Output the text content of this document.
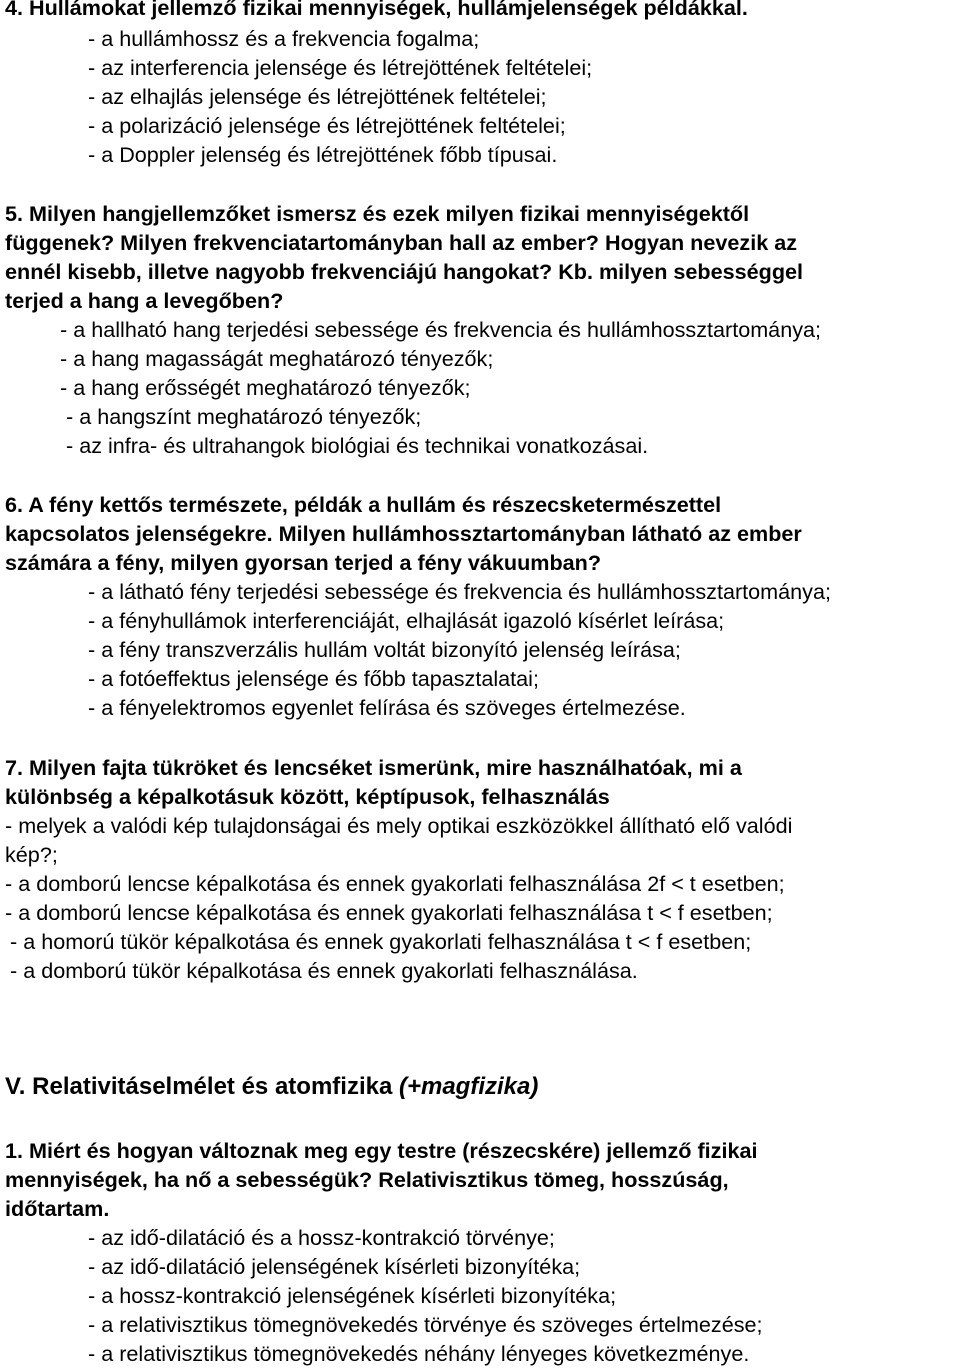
4. Hullámokat jellemző fizikai mennyiségek, hullámjelenségek példákkal.
- a hullámhossz és a frekvencia fogalma;
- az interferencia jelensége és létrejöttének feltételei;
- az elhajlás jelensége és létrejöttének feltételei;
- a polarizáció jelensége és létrejöttének feltételei;
- a Doppler jelenség és létrejöttének főbb típusai.
5. Milyen hangjellemzőket ismersz és ezek milyen fizikai mennyiségektől
függenek? Milyen frekvenciatartományban hall az ember? Hogyan nevezik az
ennél kisebb, illetve nagyobb frekvenciájú hangokat? Kb. milyen sebességgel
terjed a hang a levegőben?
- a hallható hang terjedési sebessége és frekvencia és hullámhossztartománya;
- a hang magasságát meghatározó tényezők;
- a hang erősségét meghatározó tényezők;
- a hangszínt meghatározó tényezők;
- az infra- és ultrahangok biológiai és technikai vonatkozásai.
6. A fény kettős természete, példák a hullám és részecsketermészettel
kapcsolatos jelenségekre. Milyen hullámhossztartományban látható az ember
számára a fény, milyen gyorsan terjed a fény vákuumban?
- a látható fény terjedési sebessége és frekvencia és hullámhossztartománya;
- a fényhullámok interferenciáját, elhajlását igazoló kísérlet leírása;
- a fény transzverzális hullám voltát bizonyító jelenség leírása;
- a fotóeffektus jelensége és főbb tapasztalatai;
- a fényelektromos egyenlet felírása és szöveges értelmezése.
7. Milyen fajta tükröket és lencséket ismerünk, mire használhatóak, mi a
különbség a képalkotásuk között, képtípusok, felhasználás
- melyek a valódi kép tulajdonságai és mely optikai eszközökkel állítható elő valódi
kép?;
- a domború lencse képalkotása és ennek gyakorlati felhasználása 2f < t esetben;
- a domború lencse képalkotása és ennek gyakorlati felhasználása t < f esetben;
- a homorú tükör képalkotása és ennek gyakorlati felhasználása t < f esetben;
- a domború tükör képalkotása és ennek gyakorlati felhasználása.
V. Relativitáselmélet és atomfizika (+magfizika)
1. Miért és hogyan változnak meg egy testre (részecskére) jellemző fizikai
mennyiségek, ha nő a sebességük? Relativisztikus tömeg, hosszúság,
időtartam.
- az idő-dilatáció és a hossz-kontrakció törvénye;
- az idő-dilatáció jelenségének kísérleti bizonyítéka;
- a hossz-kontrakció jelenségének kísérleti bizonyítéka;
- a relativisztikus tömegnövekedés törvénye és szöveges értelmezése;
- a relativisztikus tömegnövekedés néhány lényeges következménye.
